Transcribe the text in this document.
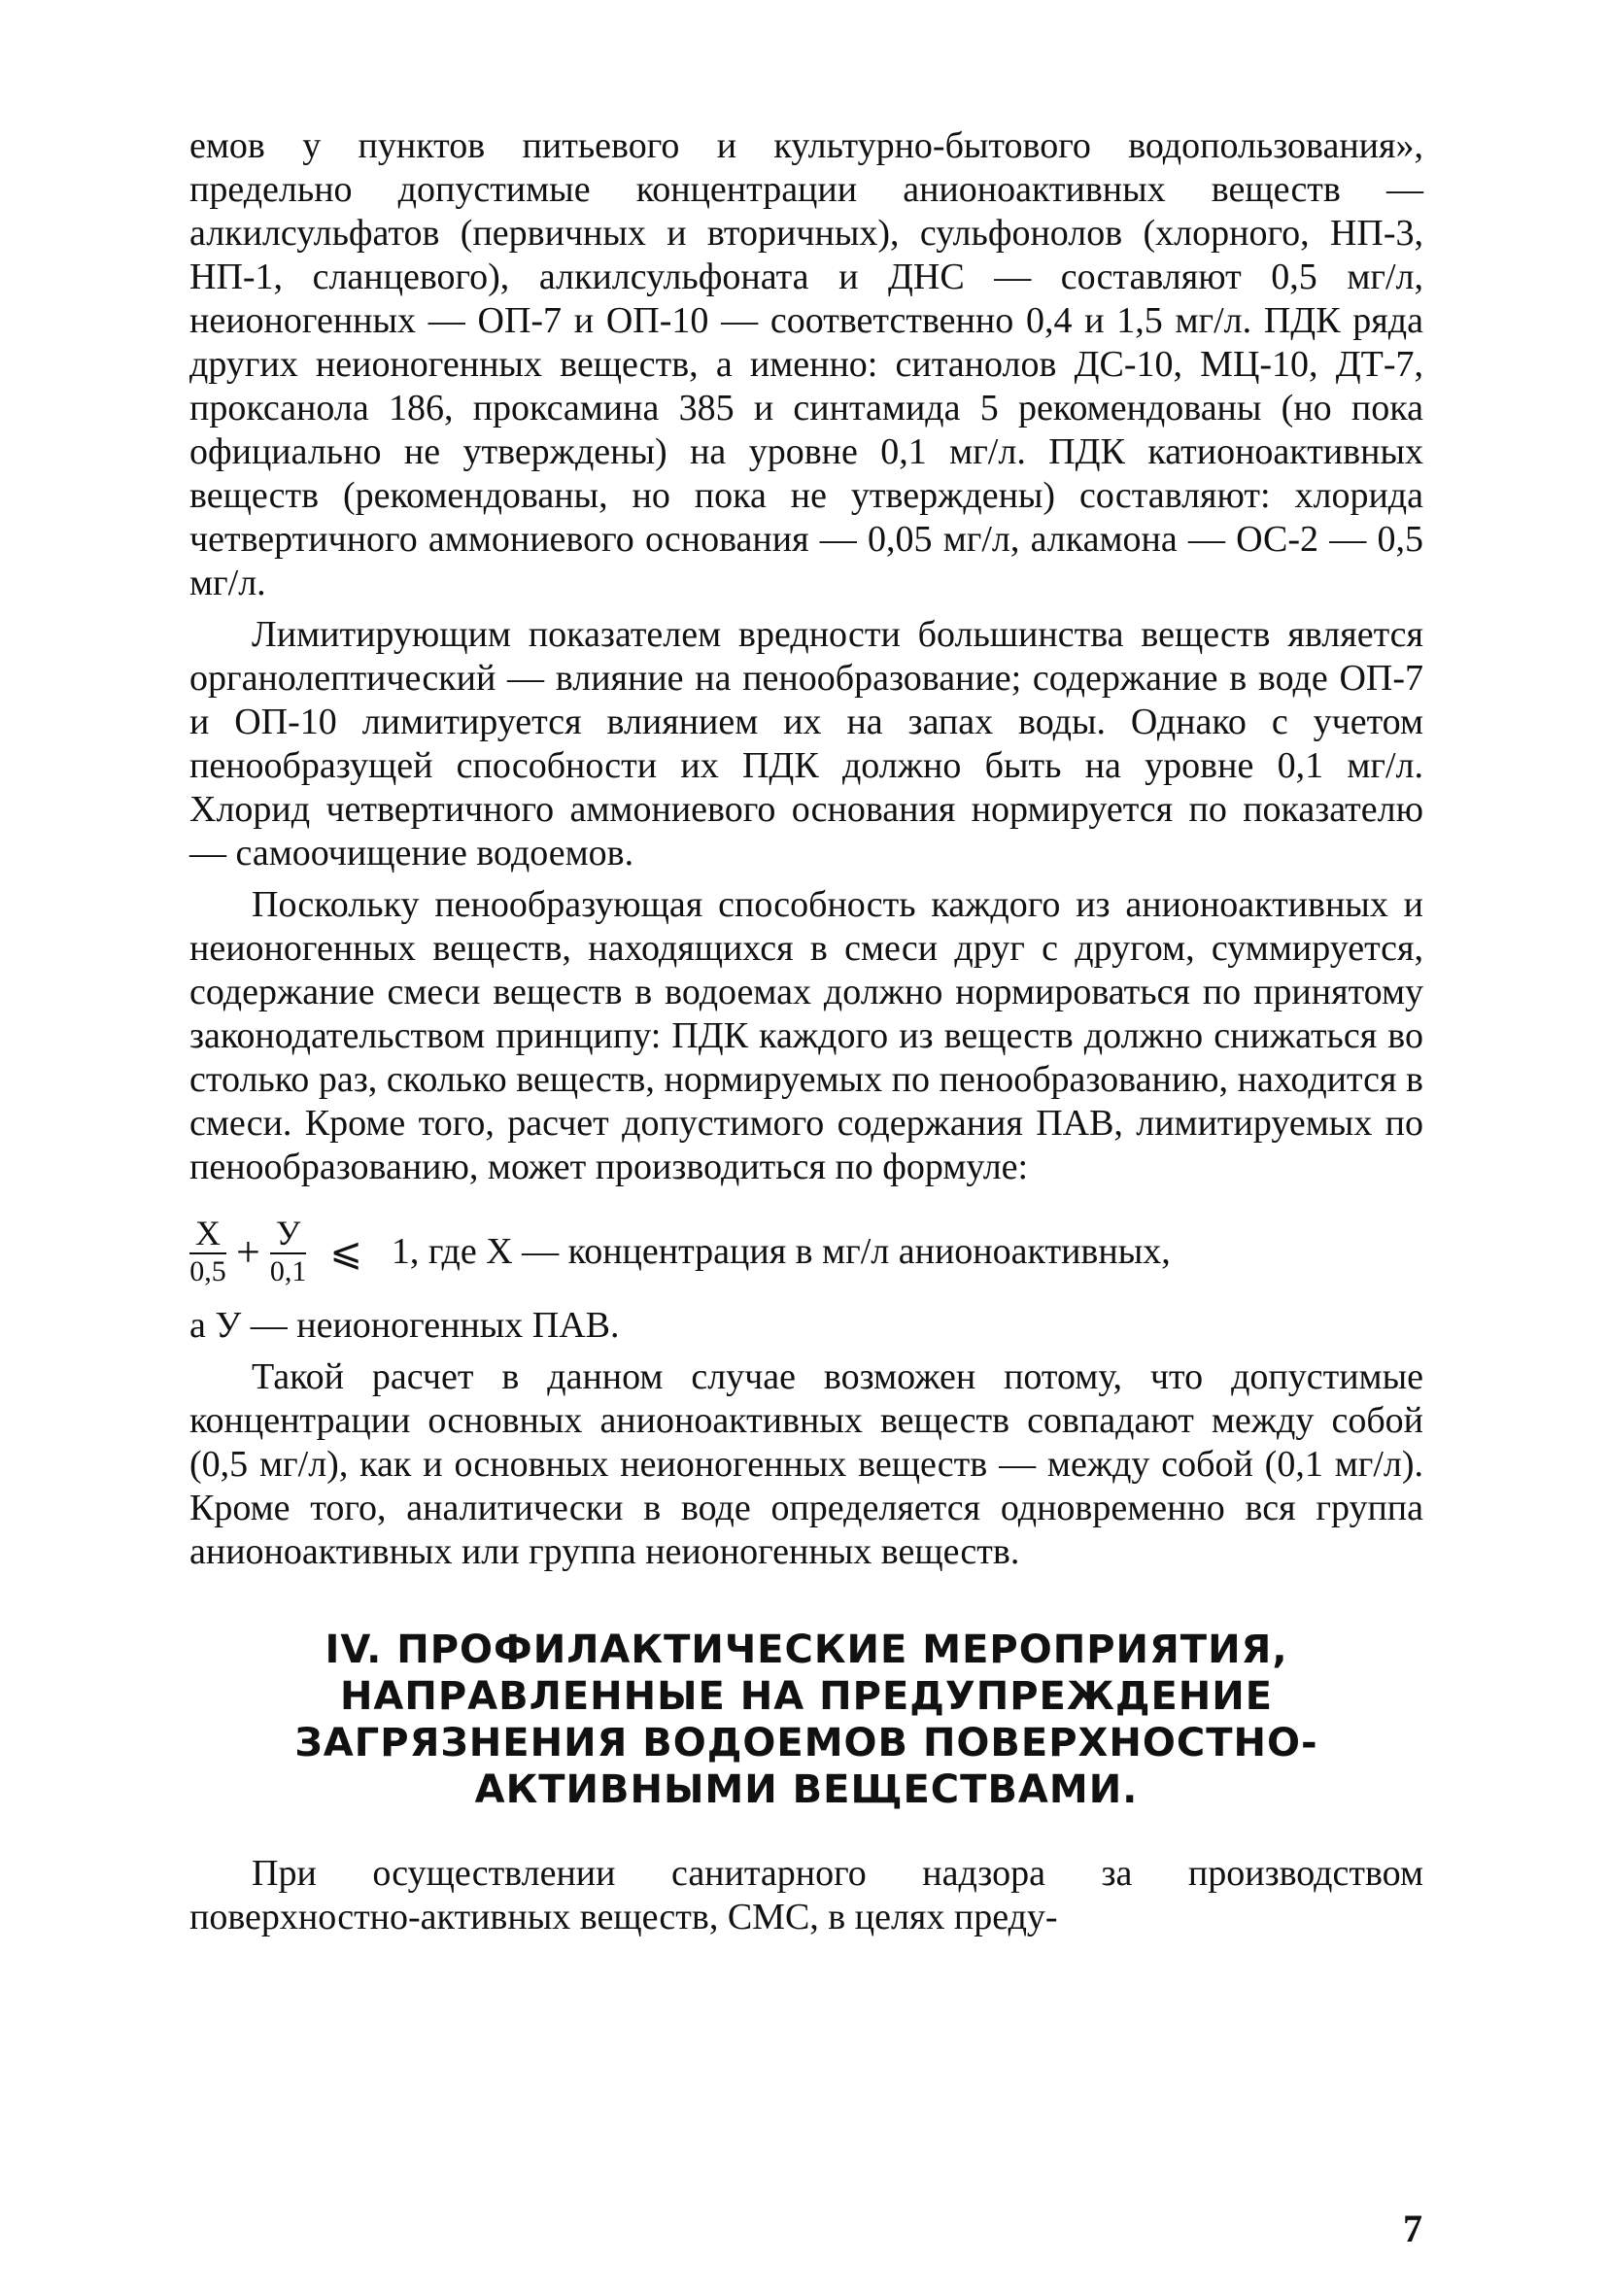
емов у пунктов питьевого и культурно-бытового водопользования», предельно допустимые концентрации анионоактивных веществ — алкилсульфатов (первичных и вторичных), сульфонолов (хлорного, НП-3, НП-1, сланцевого), алкилсульфоната и ДНС — составляют 0,5 мг/л, неионогенных — ОП-7 и ОП-10 — соответственно 0,4 и 1,5 мг/л. ПДК ряда других неионогенных веществ, а именно: ситанолов ДС-10, МЦ-10, ДТ-7, проксанола 186, проксамина 385 и синтамида 5 рекомендованы (но пока официально не утверждены) на уровне 0,1 мг/л. ПДК катионоактивных веществ (рекомендованы, но пока не утверждены) составляют: хлорида четвертичного аммониевого основания — 0,05 мг/л, алкамона — ОС-2 — 0,5 мг/л.

Лимитирующим показателем вредности большинства веществ является органолептический — влияние на пенообразование; содержание в воде ОП-7 и ОП-10 лимитируется влиянием их на запах воды. Однако с учетом пенообразущей способности их ПДК должно быть на уровне 0,1 мг/л. Хлорид четвертичного аммониевого основания нормируется по показателю — самоочищение водоемов.

Поскольку пенообразующая способность каждого из анионоактивных и неионогенных веществ, находящихся в смеси друг с другом, суммируется, содержание смеси веществ в водоемах должно нормироваться по принятому законодательством принципу: ПДК каждого из веществ должно снижаться во столько раз, сколько веществ, нормируемых по пенообразованию, находится в смеси. Кроме того, расчет допустимого содержания ПАВ, лимитируемых по пенообразованию, может производиться по формуле:

$\frac{Х}{0,5} + \frac{У}{0,1}$ ⩽ 1, где Х — концентрация в мг/л анионоактивных,

а У — неионогенных ПАВ.

Такой расчет в данном случае возможен потому, что допустимые концентрации основных анионоактивных веществ совпадают между собой (0,5 мг/л), как и основных неионогенных веществ — между собой (0,1 мг/л). Кроме того, аналитически в воде определяется одновременно вся группа анионоактивных или группа неионогенных веществ.

IV. ПРОФИЛАКТИЧЕСКИЕ МЕРОПРИЯТИЯ,
НАПРАВЛЕННЫЕ НА ПРЕДУПРЕЖДЕНИЕ
ЗАГРЯЗНЕНИЯ ВОДОЕМОВ ПОВЕРХНОСТНО-
АКТИВНЫМИ ВЕЩЕСТВАМИ.

При осуществлении санитарного надзора за производством поверхностно-активных веществ, СМС, в целях преду-

7
